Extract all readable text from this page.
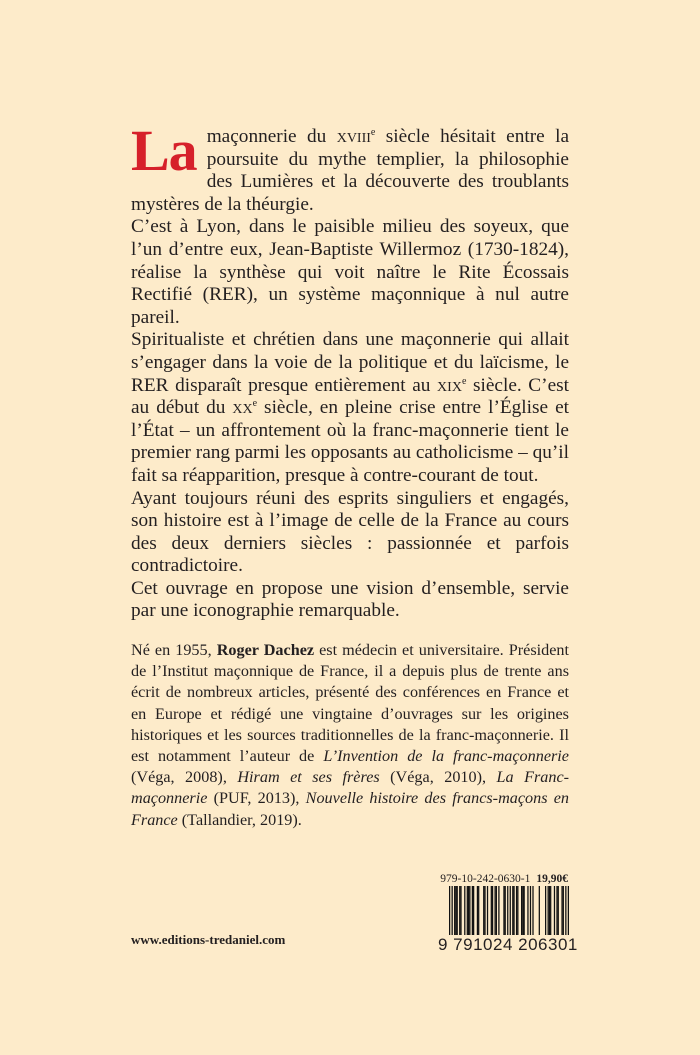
La maçonnerie du xviii$^e$ siècle hésitait entre la poursuite du mythe templier, la philosophie des Lumières et la découverte des troublants mystères de la théurgie.

C’est à Lyon, dans le paisible milieu des soyeux, que l’un d’entre eux, Jean-Baptiste Willermoz (1730-1824), réalise la synthèse qui voit naître le Rite Écossais Rectifié (RER), un système maçonnique à nul autre pareil.

Spiritualiste et chrétien dans une maçonnerie qui allait s’engager dans la voie de la politique et du laïcisme, le RER disparaît presque entièrement au xix$^e$ siècle. C’est au début du $xx^e$ siècle, en pleine crise entre l’Église et l’État – un affrontement où la franc-maçonnerie tient le premier rang parmi les opposants au catholicisme – qu’il fait sa réapparition, presque à contre-courant de tout.

Ayant toujours réuni des esprits singuliers et engagés, son histoire est à l’image de celle de la France au cours des deux derniers siècles : passionnée et parfois contradictoire.

Cet ouvrage en propose une vision d’ensemble, servie par une iconographie remarquable.

Né en 1955, Roger Dachez est médecin et universitaire. Président de l’Institut maçonnique de France, il a depuis plus de trente ans écrit de nombreux articles, présenté des conférences en France et en Europe et rédigé une vingtaine d’ouvrages sur les origines historiques et les sources traditionnelles de la franc-maçonnerie. Il est notamment l’auteur de L’Invention de la franc-maçonnerie (Véga, 2008), Hiram et ses frères (Véga, 2010), La Franc-maçonnerie (PUF, 2013), Nouvelle histoire des francs-maçons en France (Tallandier, 2019).

www.editions-tredaniel.com
979-10-242-0630-1 19,90€
9 791024 206301
